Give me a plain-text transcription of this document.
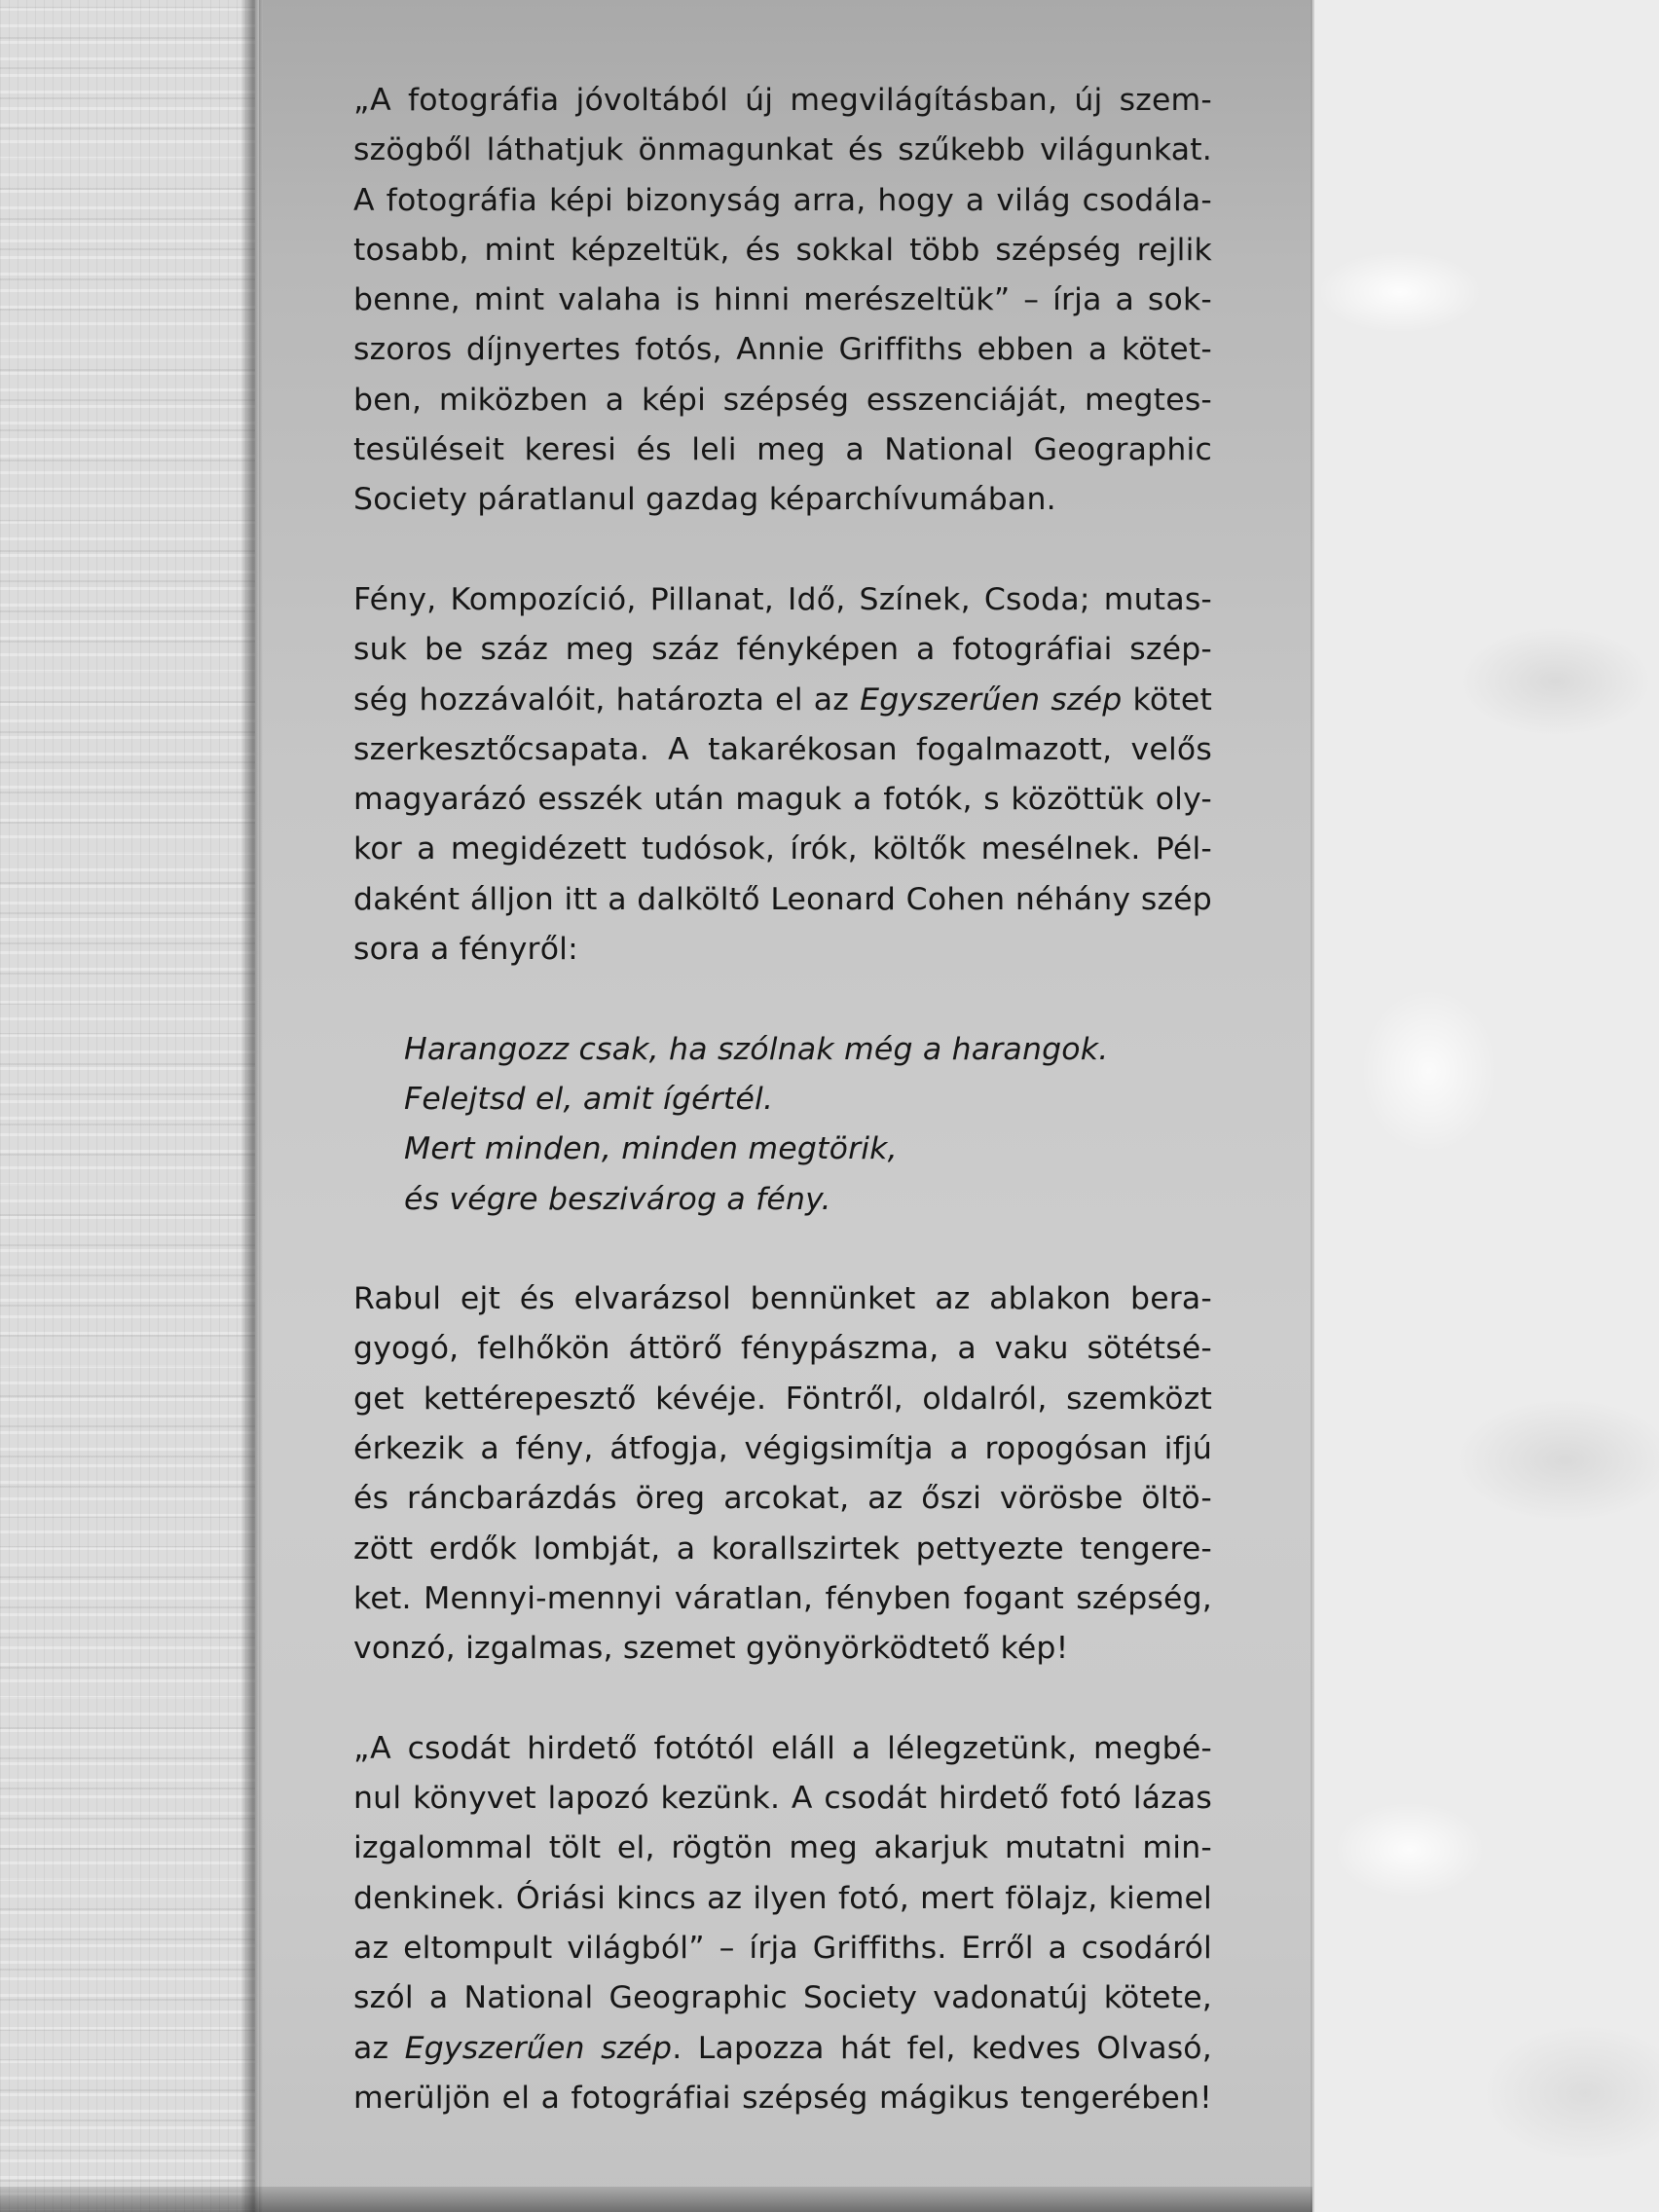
„A fotográfia jóvoltából új megvilágításban, új szem-
szögből láthatjuk önmagunkat és szűkebb világunkat.
A fotográfia képi bizonyság arra, hogy a világ csodála-
tosabb, mint képzeltük, és sokkal több szépség rejlik
benne, mint valaha is hinni merészeltük” – írja a sok-
szoros díjnyertes fotós, Annie Griffiths ebben a kötet-
ben, miközben a képi szépség esszenciáját, megtes-
tesüléseit keresi és leli meg a National Geographic
Society páratlanul gazdag képarchívumában.
Fény, Kompozíció, Pillanat, Idő, Színek, Csoda; mutas-
suk be száz meg száz fényképen a fotográfiai szép-
ség hozzávalóit, határozta el az Egyszerűen szép kötet
szerkesztőcsapata. A takarékosan fogalmazott, velős
magyarázó esszék után maguk a fotók, s közöttük oly-
kor a megidézett tudósok, írók, költők mesélnek. Pél-
daként álljon itt a dalköltő Leonard Cohen néhány szép
sora a fényről:
Harangozz csak, ha szólnak még a harangok.
Felejtsd el, amit ígértél.
Mert minden, minden megtörik,
és végre beszivárog a fény.
Rabul ejt és elvarázsol bennünket az ablakon bera-
gyogó, felhőkön áttörő fénypászma, a vaku sötétsé-
get kettérepesztő kévéje. Föntről, oldalról, szemközt
érkezik a fény, átfogja, végigsimítja a ropogósan ifjú
és ráncbarázdás öreg arcokat, az őszi vörösbe öltö-
zött erdők lombját, a korallszirtek pettyezte tengere-
ket. Mennyi-mennyi váratlan, fényben fogant szépség,
vonzó, izgalmas, szemet gyönyörködtető kép!
„A csodát hirdető fotótól eláll a lélegzetünk, megbé-
nul könyvet lapozó kezünk. A csodát hirdető fotó lázas
izgalommal tölt el, rögtön meg akarjuk mutatni min-
denkinek. Óriási kincs az ilyen fotó, mert fölajz, kiemel
az eltompult világból” – írja Griffiths. Erről a csodáról
szól a National Geographic Society vadonatúj kötete,
az Egyszerűen szép. Lapozza hát fel, kedves Olvasó,
merüljön el a fotográfiai szépség mágikus tengerében!
